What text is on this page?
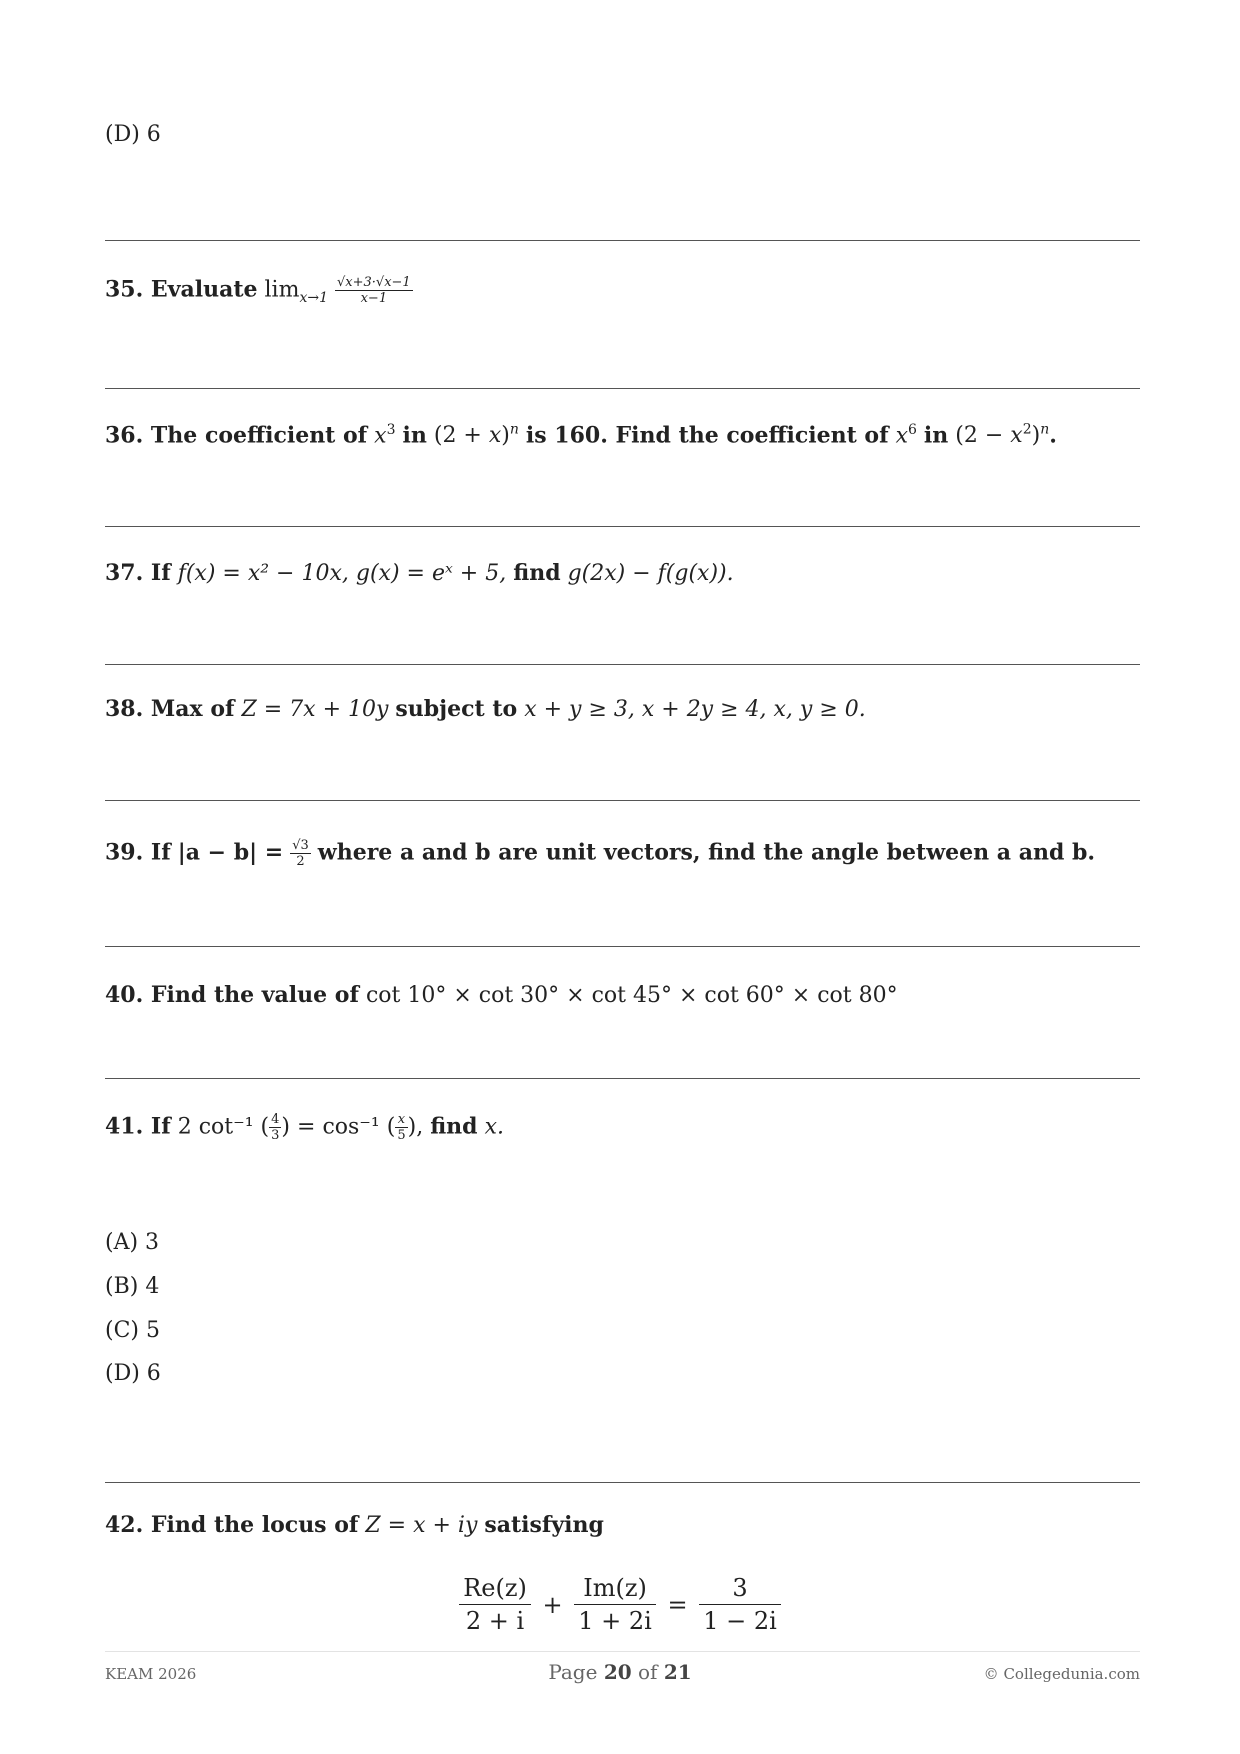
(D) 6
35. Evaluate $\lim_{x\to 1} \frac{√x+3\cdot√x-1}{x-1}$
36. The coefficient of $x^3$ in $(2 + x)^n$ is 160. Find the coefficient of $x^6$ in $(2 - x^2)^n$.
37. If f(x) = x² − 10x, g(x) = eˣ + 5, find g(2x) − f(g(x)).
38. Max of Z = 7x + 10y subject to x + y ≥ 3, x + 2y ≥ 4, x, y ≥ 0.
39. If $|a - b| = \frac{√3}{2}$ where a and b are unit vectors, find the angle between a and b.
40. Find the value of cot 10° × cot 30° × cot 45° × cot 60° × cot 80°
41. If 2 cot⁻¹ ( $\frac{4}{3}$ ) = cos⁻¹ ( $\frac{x}{5}$ ), find x.
(A) 3
(B) 4
(C) 5
(D) 6
42. Find the locus of Z = x + iy satisfying
$\frac{Re(z)}{2 + i} + \frac{Im(z)}{1 + 2i} = \frac{3}{1 - 2i}$
KEAM 2026	Page 20 of 21	© Collegedunia.com
